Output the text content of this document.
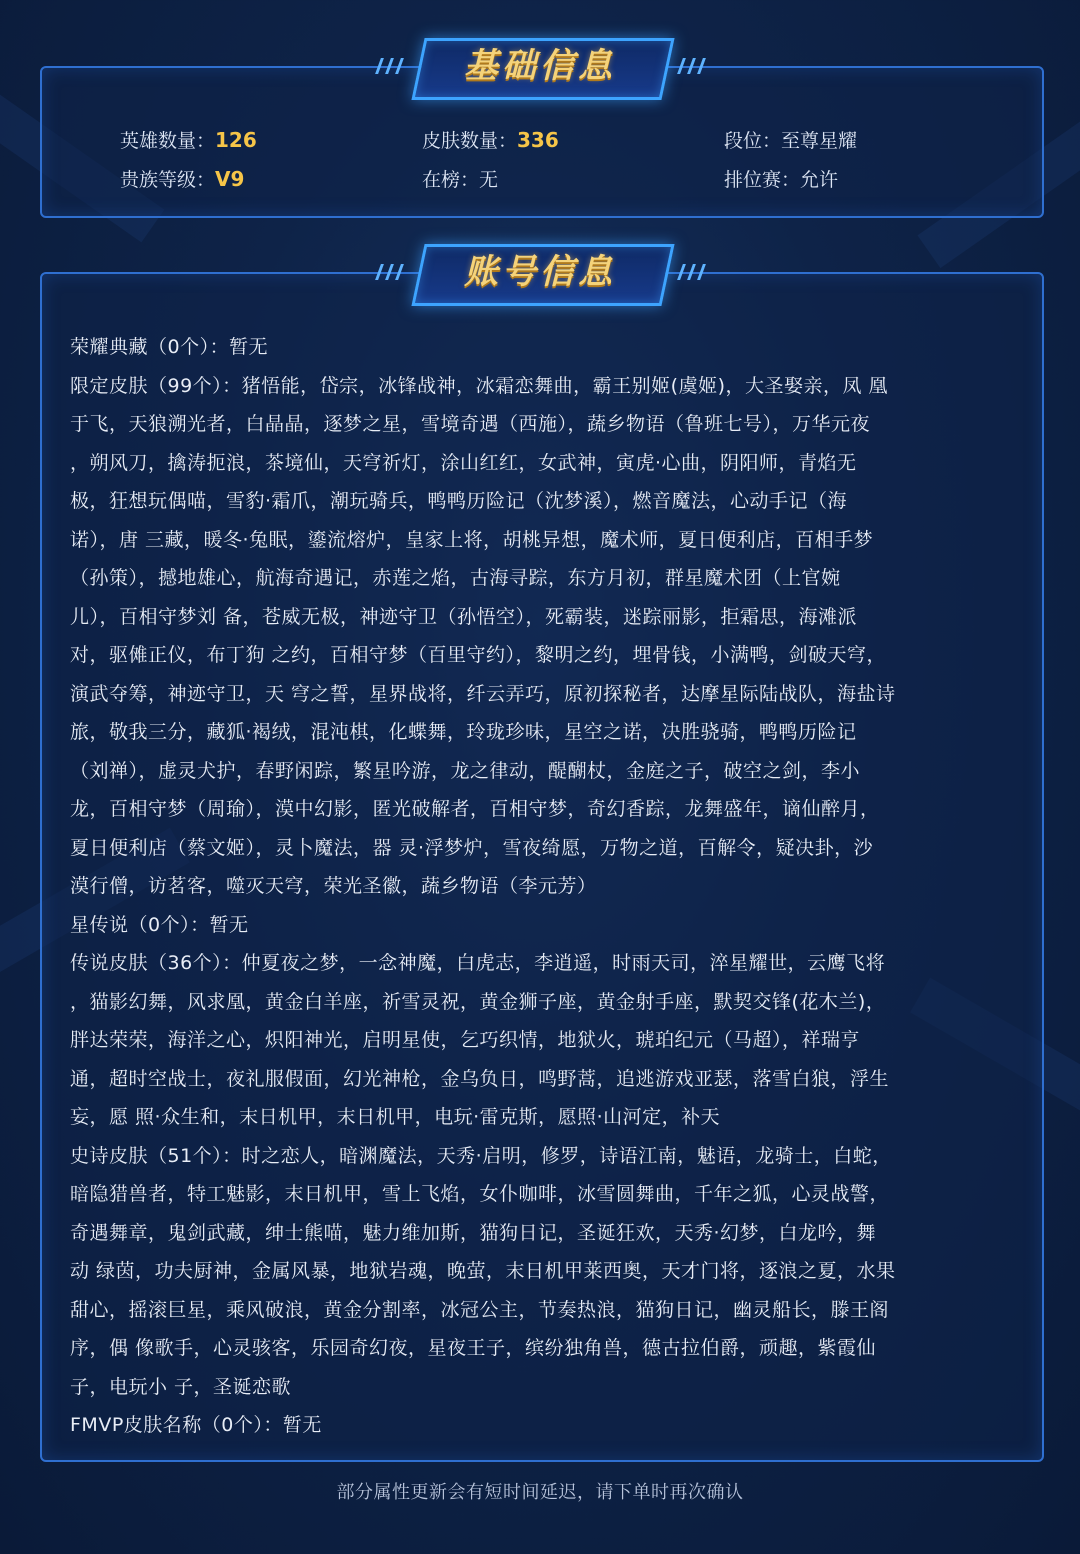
基础信息
英雄数量：126	皮肤数量：336	段位：至尊星耀
贵族等级：V9	在榜：无	排位赛：允许
账号信息
荣耀典藏（0个）：暂无
限定皮肤（99个）：猪悟能，岱宗，冰锋战神，冰霜恋舞曲，霸王别姬(虞姬)，大圣娶亲，凤 凰
于飞，天狼溯光者，白晶晶，逐梦之星，雪境奇遇（西施），蔬乡物语（鲁班七号），万华元夜
，朔风刀，擒涛扼浪，茶境仙，天穹祈灯，涂山红红，女武神，寅虎·心曲，阴阳师，青焰无
极，狂想玩偶喵，雪豹·霜爪，潮玩骑兵，鸭鸭历险记（沈梦溪），燃音魔法，心动手记（海
诺），唐 三藏，暖冬·兔眠，鎏流熔炉，皇家上将，胡桃异想，魔术师，夏日便利店，百相手梦
（孙策），撼地雄心，航海奇遇记，赤莲之焰，古海寻踪，东方月初，群星魔术团（上官婉
儿），百相守梦刘 备，苍威无极，神迹守卫（孙悟空），死霸装，迷踪丽影，拒霜思，海滩派
对，驱傩正仪，布丁狗 之约，百相守梦（百里守约），黎明之约，埋骨钱，小满鸭，剑破天穹，
演武夺筹，神迹守卫，天 穹之誓，星界战将，纤云弄巧，原初探秘者，达摩星际陆战队，海盐诗
旅，敬我三分，藏狐·褐绒，混沌棋，化蝶舞，玲珑珍味，星空之诺，决胜骁骑，鸭鸭历险记
（刘禅），虚灵犬护，春野闲踪，繁星吟游，龙之律动，醍醐杖，金庭之子，破空之剑，李小
龙，百相守梦（周瑜），漠中幻影，匿光破解者，百相守梦，奇幻香踪，龙舞盛年，谪仙醉月，
夏日便利店（蔡文姬），灵卜魔法，器 灵·浮梦炉，雪夜绮愿，万物之道，百解令，疑决卦，沙
漠行僧，访茗客，噬灭天穹，荣光圣徽，蔬乡物语（李元芳）
星传说（0个）：暂无
传说皮肤（36个）：仲夏夜之梦，一念神魔，白虎志，李逍遥，时雨天司，淬星耀世，云鹰飞将
，猫影幻舞，风求凰，黄金白羊座，祈雪灵祝，黄金狮子座，黄金射手座，默契交锋(花木兰)，
胖达荣荣，海洋之心，炽阳神光，启明星使，乞巧织情，地狱火，琥珀纪元（马超），祥瑞亨
通，超时空战士，夜礼服假面，幻光神枪，金乌负日，鸣野蒿，追逃游戏亚瑟，落雪白狼，浮生
妄，愿 照·众生和，末日机甲，末日机甲，电玩·雷克斯，愿照·山河定，补天
史诗皮肤（51个）：时之恋人，暗渊魔法，天秀·启明，修罗，诗语江南，魅语，龙骑士，白蛇，
暗隐猎兽者，特工魅影，末日机甲，雪上飞焰，女仆咖啡，冰雪圆舞曲，千年之狐，心灵战警，
奇遇舞章，鬼剑武藏，绅士熊喵，魅力维加斯，猫狗日记，圣诞狂欢，天秀·幻梦，白龙吟，舞
动 绿茵，功夫厨神，金属风暴，地狱岩魂，晚萤，末日机甲莱西奥，天才门将，逐浪之夏，水果
甜心，摇滚巨星，乘风破浪，黄金分割率，冰冠公主，节奏热浪，猫狗日记，幽灵船长，滕王阁
序，偶 像歌手，心灵骇客，乐园奇幻夜，星夜王子，缤纷独角兽，德古拉伯爵，顽趣，紫霞仙
子，电玩小 子，圣诞恋歌
FMVP皮肤名称（0个）：暂无
部分属性更新会有短时间延迟，请下单时再次确认
